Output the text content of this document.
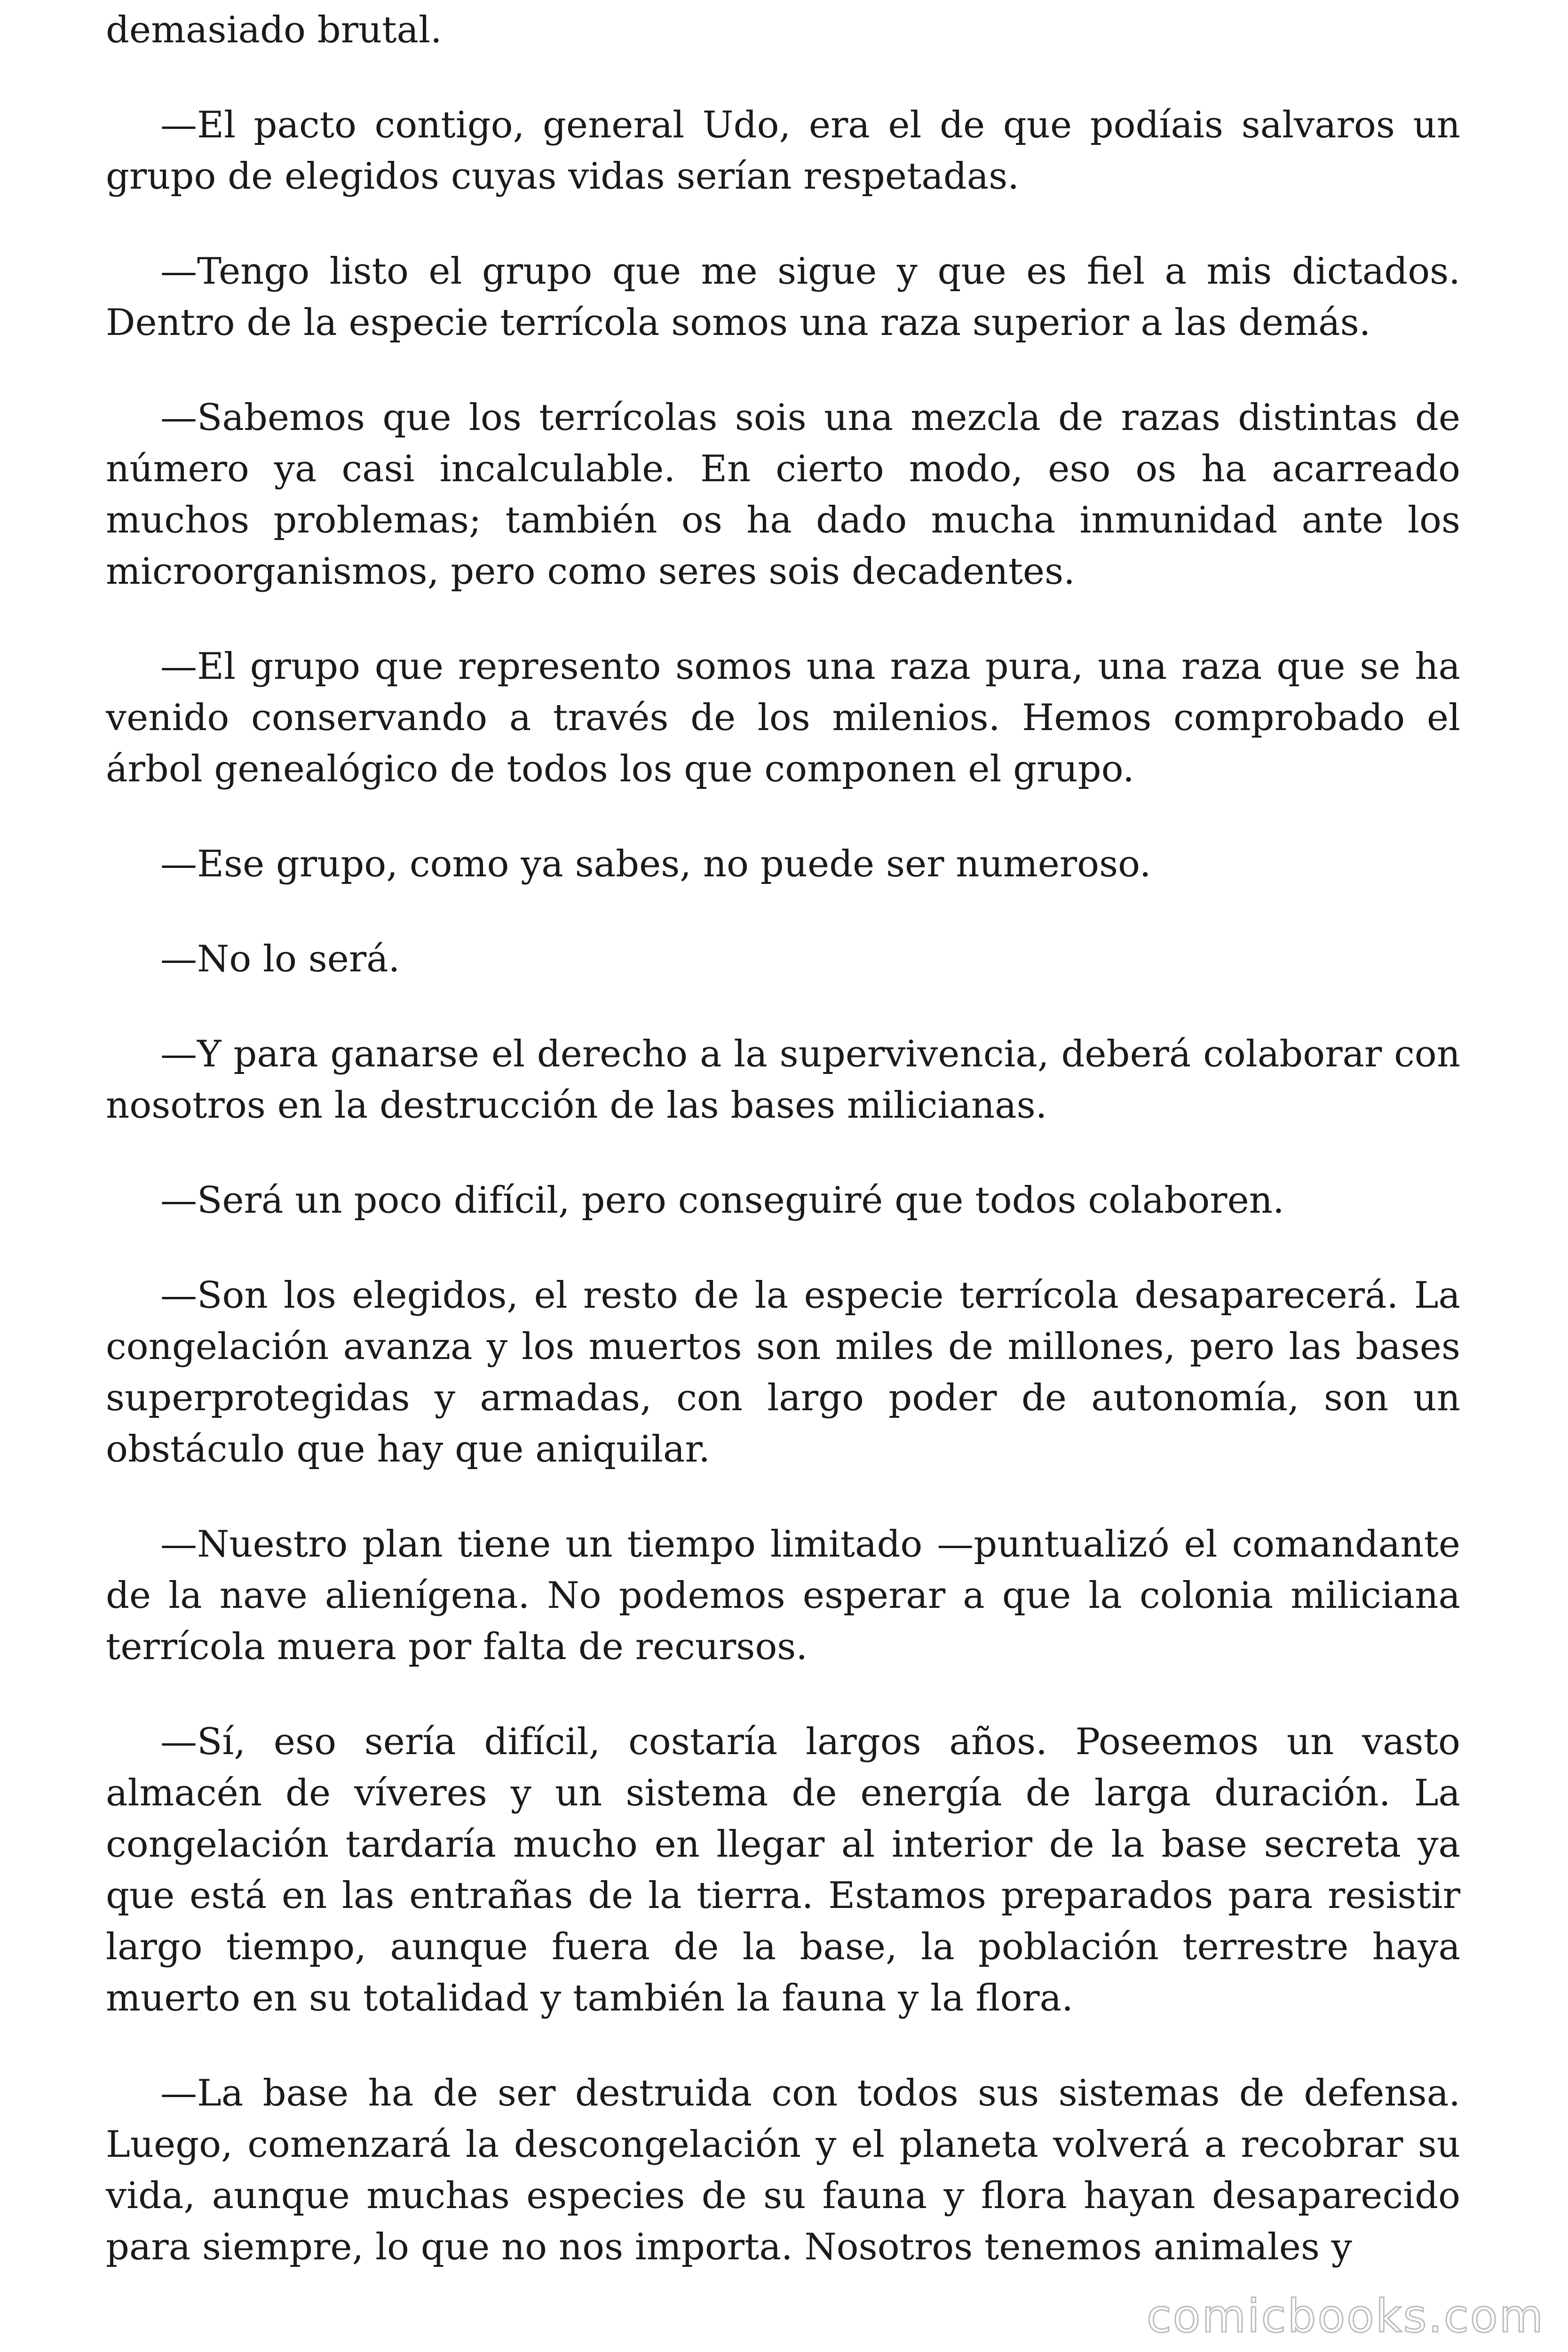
demasiado brutal.

—El pacto contigo, general Udo, era el de que podíais salvaros un grupo de elegidos cuyas vidas serían respetadas.

—Tengo listo el grupo que me sigue y que es fiel a mis dictados. Dentro de la especie terrícola somos una raza superior a las demás.

—Sabemos que los terrícolas sois una mezcla de razas distintas de número ya casi incalculable. En cierto modo, eso os ha acarreado muchos problemas; también os ha dado mucha inmunidad ante los microorganismos, pero como seres sois decadentes.

—El grupo que represento somos una raza pura, una raza que se ha venido conservando a través de los milenios. Hemos comprobado el árbol genealógico de todos los que componen el grupo.

—Ese grupo, como ya sabes, no puede ser numeroso.

—No lo será.

—Y para ganarse el derecho a la supervivencia, deberá colaborar con nosotros en la destrucción de las bases milicianas.

—Será un poco difícil, pero conseguiré que todos colaboren.

—Son los elegidos, el resto de la especie terrícola desaparecerá. La congelación avanza y los muertos son miles de millones, pero las bases superprotegidas y armadas, con largo poder de autonomía, son un obstáculo que hay que aniquilar.

—Nuestro plan tiene un tiempo limitado —puntualizó el comandante de la nave alienígena. No podemos esperar a que la colonia miliciana terrícola muera por falta de recursos.

—Sí, eso sería difícil, costaría largos años. Poseemos un vasto almacén de víveres y un sistema de energía de larga duración. La congelación tardaría mucho en llegar al interior de la base secreta ya que está en las entrañas de la tierra. Estamos preparados para resistir largo tiempo, aunque fuera de la base, la población terrestre haya muerto en su totalidad y también la fauna y la flora.

—La base ha de ser destruida con todos sus sistemas de defensa. Luego, comenzará la descongelación y el planeta volverá a recobrar su vida, aunque muchas especies de su fauna y flora hayan desaparecido para siempre, lo que no nos importa. Nosotros tenemos animales y

comicbooks.com
